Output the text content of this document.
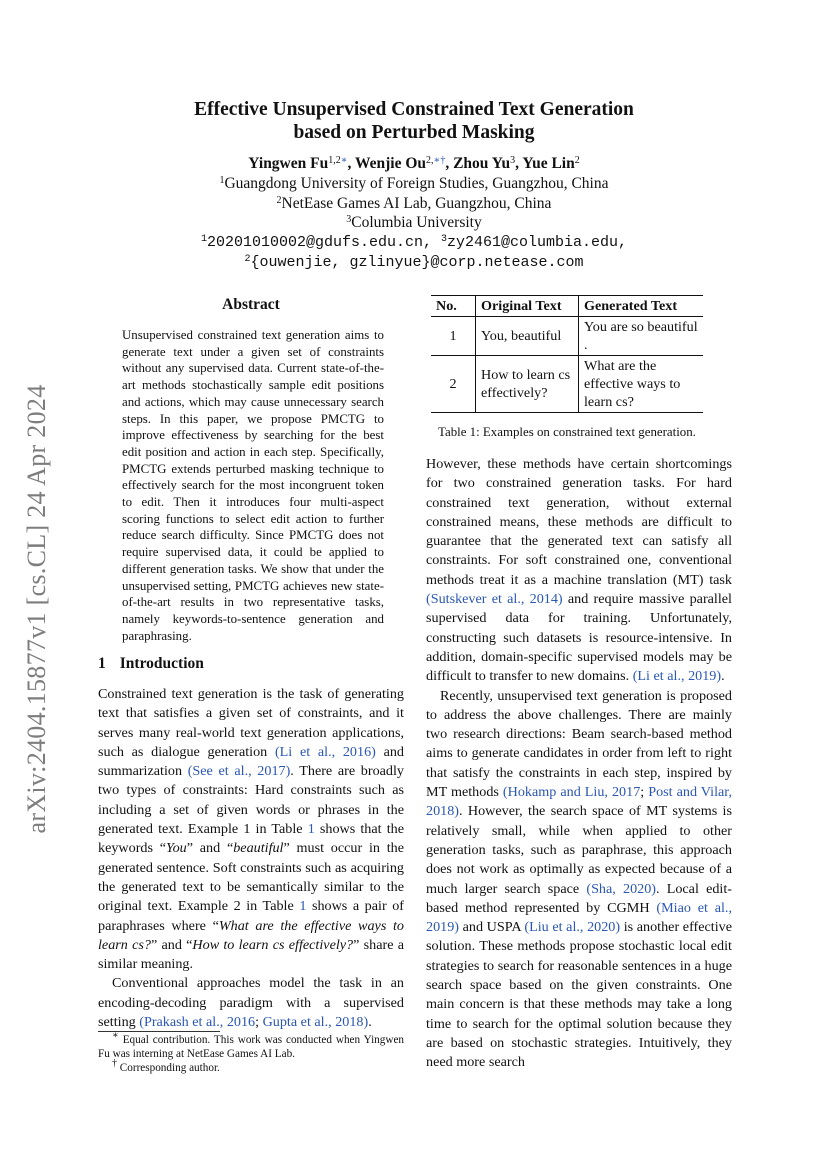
arXiv:2404.15877v1 [cs.CL] 24 Apr 2024
Effective Unsupervised Constrained Text Generation
based on Perturbed Masking
Yingwen $Fu^{1,2∗}$, Wenjie $Ou^{2,∗\dagger}$, Zhou Yu$^3$, Yue Lin$^2$
$^1$Guangdong University of Foreign Studies, Guangzhou, China
$^2$NetEase Games AI Lab, Guangzhou, China
$^3$Columbia University
$^1$20201010002@gdufs.edu.cn, $^3$zy2461@columbia.edu,
$^2${ouwenjie, gzlinyue}@corp.netease.com
Abstract

Unsupervised constrained text generation aims to generate text under a given set of constraints without any supervised data. Current state-of-the-art methods stochastically sample edit positions and actions, which may cause unnecessary search steps. In this paper, we propose PMCTG to improve effectiveness by searching for the best edit position and action in each step. Specifically, PMCTG extends perturbed masking technique to effectively search for the most incongruent token to edit. Then it introduces four multi-aspect scoring functions to select edit action to further reduce search difficulty. Since PMCTG does not require supervised data, it could be applied to different generation tasks. We show that under the unsupervised setting, PMCTG achieves new state-of-the-art results in two representative tasks, namely keywords-to-sentence generation and paraphrasing.

1 Introduction

Constrained text generation is the task of generating text that satisfies a given set of constraints, and it serves many real-world text generation applications, such as dialogue generation (Li et al., 2016) and summarization (See et al., 2017). There are broadly two types of constraints: Hard constraints such as including a set of given words or phrases in the generated text. Example 1 in Table 1 shows that the keywords “You” and “beautiful” must occur in the generated sentence. Soft constraints such as acquiring the generated text to be semantically similar to the original text. Example 2 in Table 1 shows a pair of paraphrases where “What are the effective ways to learn cs?” and “How to learn cs effectively?” share a similar meaning.

Conventional approaches model the task in an encoding-decoding paradigm with a supervised setting (Prakash et al., 2016; Gupta et al., 2018).

∗ Equal contribution. This work was conducted when Yingwen Fu was interning at NetEase Games AI Lab.

† Corresponding author.

No.	Original Text	Generated Text
1	You, beautiful	You are so beautiful .
2	How to learn cs effectively?	What are the effective ways to learn cs?
Table 1: Examples on constrained text generation.

However, these methods have certain shortcomings for two constrained generation tasks. For hard constrained text generation, without external constrained means, these methods are difficult to guarantee that the generated text can satisfy all constraints. For soft constrained one, conventional methods treat it as a machine translation (MT) task (Sutskever et al., 2014) and require massive parallel supervised data for training. Unfortunately, constructing such datasets is resource-intensive. In addition, domain-specific supervised models may be difficult to transfer to new domains. (Li et al., 2019).

Recently, unsupervised text generation is proposed to address the above challenges. There are mainly two research directions: Beam search-based method aims to generate candidates in order from left to right that satisfy the constraints in each step, inspired by MT methods (Hokamp and Liu, 2017; Post and Vilar, 2018). However, the search space of MT systems is relatively small, while when applied to other generation tasks, such as paraphrase, this approach does not work as optimally as expected because of a much larger search space (Sha, 2020). Local edit-based method represented by CGMH (Miao et al., 2019) and USPA (Liu et al., 2020) is another effective solution. These methods propose stochastic local edit strategies to search for reasonable sentences in a huge search space based on the given constraints. One main concern is that these methods may take a long time to search for the optimal solution because they are based on stochastic strategies. Intuitively, they need more search
